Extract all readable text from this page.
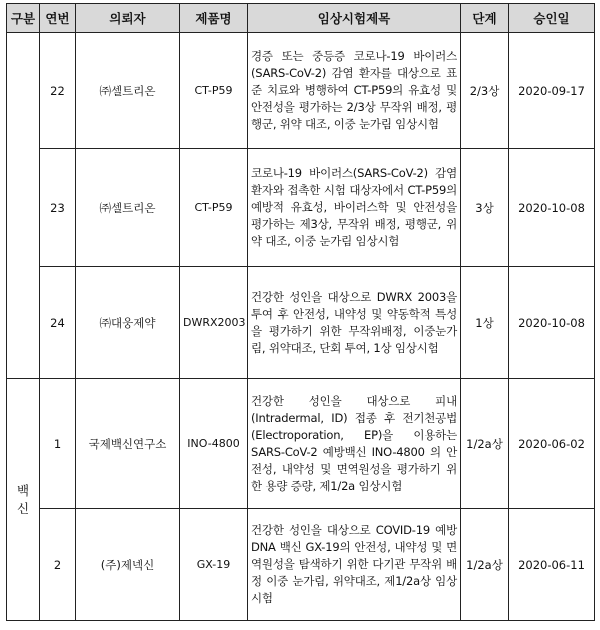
구분	연번	의뢰자	제품명	임상시험제목	단계	승인일
	22	㈜셀트리온	CT-P59	경증 또는 중등증 코로나-19 바이러스(SARS-CoV-2) 감염 환자를 대상으로 표준 치료와 병행하여 CT-P59의 유효성 및 안전성을 평가하는 2/3상 무작위 배정, 평행군, 위약 대조, 이중 눈가림 임상시험	2/3상	2020-09-17
	23	㈜셀트리온	CT-P59	코로나-19 바이러스(SARS-CoV-2) 감염 환자와 접촉한 시험 대상자에서 CT-P59의 예방적 유효성, 바이러스학 및 안전성을 평가하는 제3상, 무작위 배정, 평행군, 위약 대조, 이중 눈가림 임상시험	3상	2020-10-08
	24	㈜대웅제약	DWRX2003	건강한 성인을 대상으로 DWRX 2003을 투여 후 안전성, 내약성 및 약동학적 특성을 평가하기 위한 무작위배정, 이중눈가림, 위약대조, 단회 투여, 1상 임상시험	1상	2020-10-08
백신	1	국제백신연구소	INO-4800	건강한 성인을 대상으로 피내(Intradermal, ID) 접종 후 전기천공법(Electroporation, EP)을 이용하는 SARS-CoV-2 예방백신 INO-4800 의 안전성, 내약성 및 면역원성을 평가하기 위한 용량 증량, 제1/2a 임상시험	1/2a상	2020-06-02
	2	(주)제넥신	GX-19	건강한 성인을 대상으로 COVID-19 예방 DNA 백신 GX-19의 안전성, 내약성 및 면역원성을 탐색하기 위한 다기관 무작위 배정 이중 눈가림, 위약대조, 제1/2a상 임상시험	1/2a상	2020-06-11
